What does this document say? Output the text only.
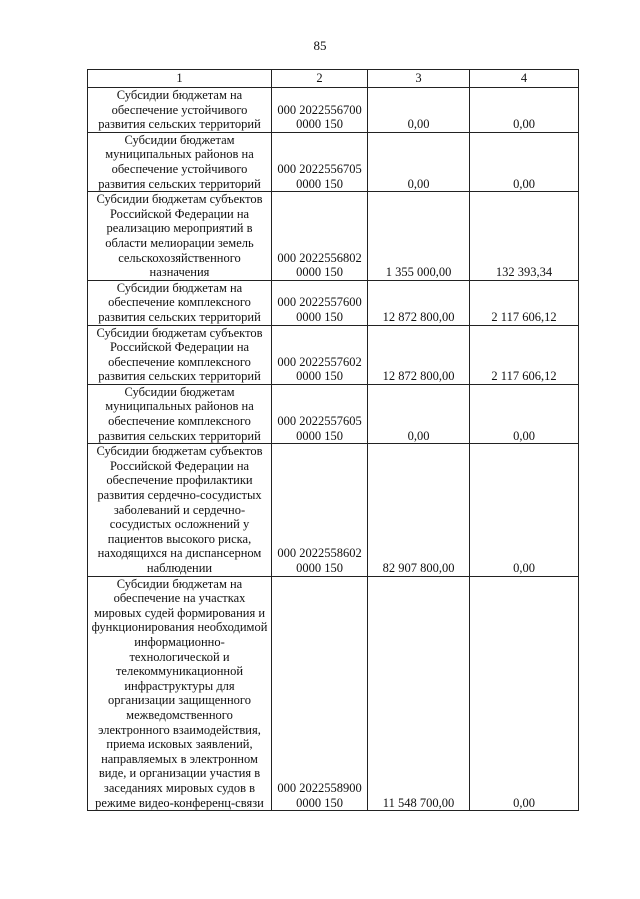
85
1	2	3	4
Субсидии бюджетам на обеспечение устойчивого развития сельских территорий	000 2022556700 0000 150	0,00	0,00
Субсидии бюджетам муниципальных районов на обеспечение устойчивого развития сельских территорий	000 2022556705 0000 150	0,00	0,00
Субсидии бюджетам субъектов Российской Федерации на реализацию мероприятий в области мелиорации земель сельскохозяйственного назначения	000 2022556802 0000 150	1 355 000,00	132 393,34
Субсидии бюджетам на обеспечение комплексного развития сельских территорий	000 2022557600 0000 150	12 872 800,00	2 117 606,12
Субсидии бюджетам субъектов Российской Федерации на обеспечение комплексного развития сельских территорий	000 2022557602 0000 150	12 872 800,00	2 117 606,12
Субсидии бюджетам муниципальных районов на обеспечение комплексного развития сельских территорий	000 2022557605 0000 150	0,00	0,00
Субсидии бюджетам субъектов Российской Федерации на обеспечение профилактики развития сердечно-сосудистых заболеваний и сердечно-сосудистых осложнений у пациентов высокого риска, находящихся на диспансерном наблюдении	000 2022558602 0000 150	82 907 800,00	0,00
Субсидии бюджетам на обеспечение на участках мировых судей формирования и функционирования необходимой информационно-технологической и телекоммуникационной инфраструктуры для организации защищенного межведомственного электронного взаимодействия, приема исковых заявлений, направляемых в электронном виде, и организации участия в заседаниях мировых судов в режиме видео-конференц-связи	000 2022558900 0000 150	11 548 700,00	0,00
